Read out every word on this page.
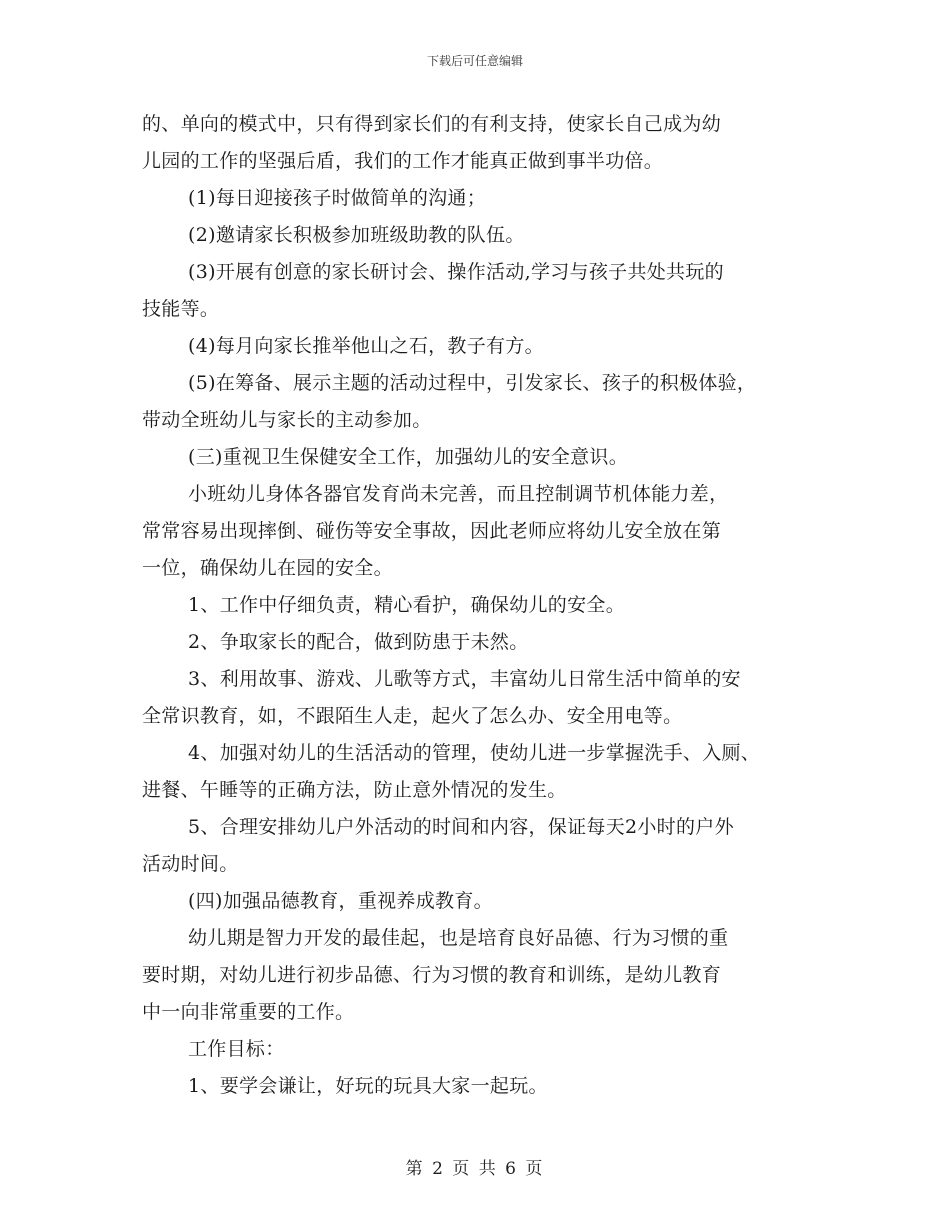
下载后可任意编辑
的、单向的模式中，只有得到家长们的有利支持，使家长自己成为幼
儿园的工作的坚强后盾，我们的工作才能真正做到事半功倍。
(1)每日迎接孩子时做简单的沟通；
(2)邀请家长积极参加班级助教的队伍。
(3)开展有创意的家长研讨会、操作活动,学习与孩子共处共玩的
技能等。
(4)每月向家长推举他山之石，教子有方。
(5)在筹备、展示主题的活动过程中，引发家长、孩子的积极体验，
带动全班幼儿与家长的主动参加。
(三)重视卫生保健安全工作，加强幼儿的安全意识。
小班幼儿身体各器官发育尚未完善，而且控制调节机体能力差，
常常容易出现摔倒、碰伤等安全事故，因此老师应将幼儿安全放在第
一位，确保幼儿在园的安全。
1、工作中仔细负责，精心看护，确保幼儿的安全。
2、争取家长的配合，做到防患于未然。
3、利用故事、游戏、儿歌等方式，丰富幼儿日常生活中简单的安
全常识教育，如，不跟陌生人走，起火了怎么办、安全用电等。
4、加强对幼儿的生活活动的管理，使幼儿进一步掌握洗手、入厕、
进餐、午睡等的正确方法，防止意外情况的发生。
5、合理安排幼儿户外活动的时间和内容，保证每天2小时的户外
活动时间。
(四)加强品德教育，重视养成教育。
幼儿期是智力开发的最佳起，也是培育良好品德、行为习惯的重
要时期，对幼儿进行初步品德、行为习惯的教育和训练，是幼儿教育
中一向非常重要的工作。
工作目标：
1、要学会谦让，好玩的玩具大家一起玩。
第 2 页 共 6 页
